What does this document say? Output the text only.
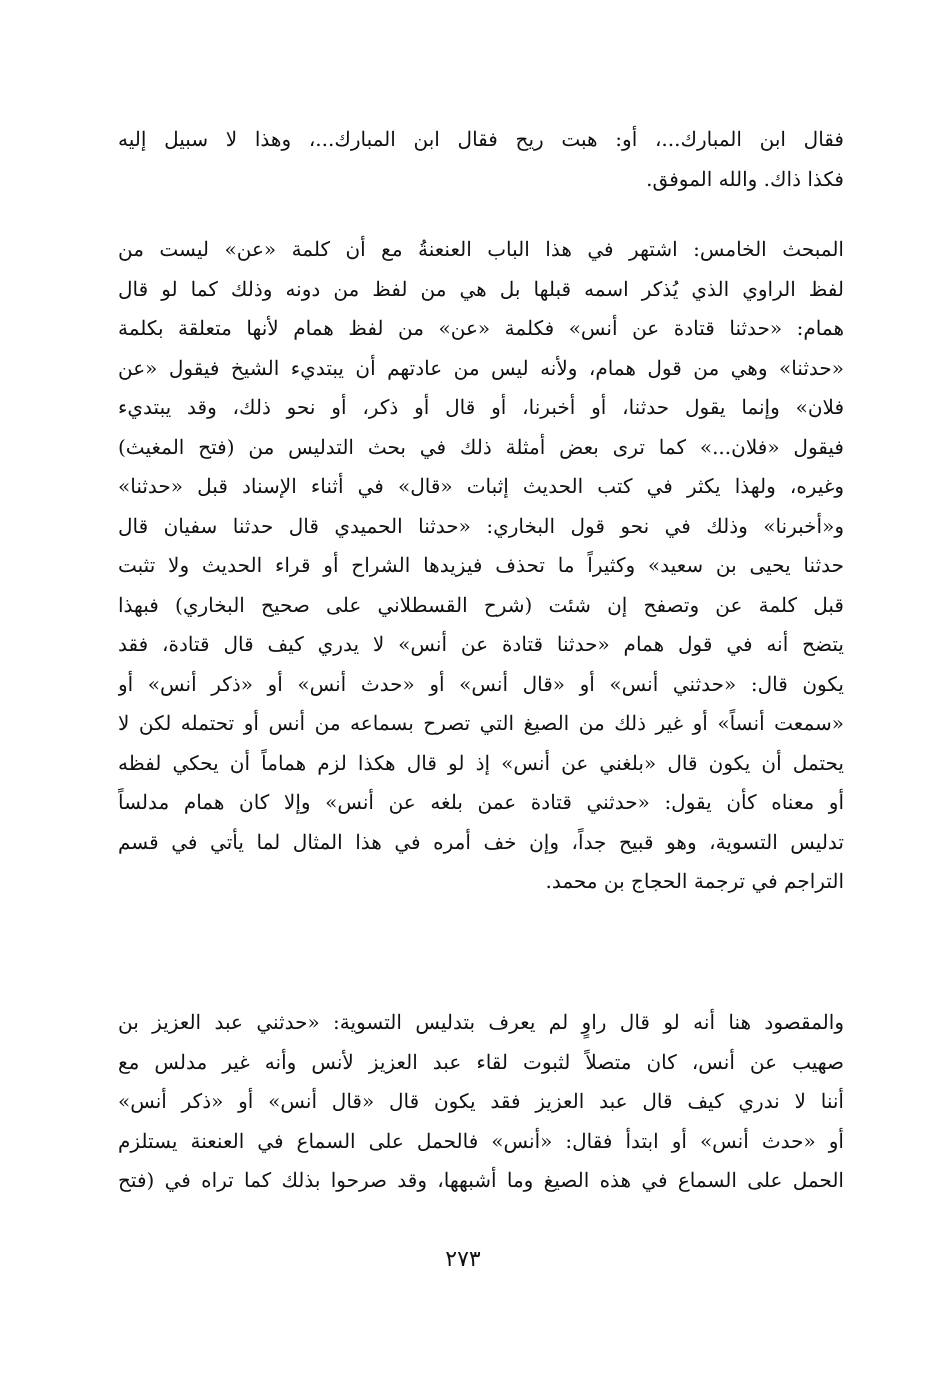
فقال ابن المبارك...، أو: هبت ريح فقال ابن المبارك...، وهذا لا سبيل إليه
فكذا ذاك. والله الموفق.
المبحث الخامس: اشتهر في هذا الباب العنعنةُ مع أن كلمة «عن» ليست من
لفظ الراوي الذي يُذكر اسمه قبلها بل هي من لفظ من دونه وذلك كما لو قال
همام: «حدثنا قتادة عن أنس» فكلمة «عن» من لفظ همام لأنها متعلقة بكلمة
«حدثنا» وهي من قول همام، ولأنه ليس من عادتهم أن يبتديء الشيخ فيقول «عن
فلان» وإنما يقول حدثنا، أو أخبرنا، أو قال أو ذكر، أو نحو ذلك، وقد يبتديء
فيقول «فلان...» كما ترى بعض أمثلة ذلك في بحث التدليس من (فتح المغيث)
وغيره، ولهذا يكثر في كتب الحديث إثبات «قال» في أثناء الإسناد قبل «حدثنا»
و«أخبرنا» وذلك في نحو قول البخاري: «حدثنا الحميدي قال حدثنا سفيان قال
حدثنا يحيى بن سعيد» وكثيراً ما تحذف فيزيدها الشراح أو قراء الحديث ولا تثبت
قبل كلمة عن وتصفح إن شئت (شرح القسطلاني على صحيح البخاري) فبهذا
يتضح أنه في قول همام «حدثنا قتادة عن أنس» لا يدري كيف قال قتادة، فقد
يكون قال: «حدثني أنس» أو «قال أنس» أو «حدث أنس» أو «ذكر أنس» أو
«سمعت أنساً» أو غير ذلك من الصيغ التي تصرح بسماعه من أنس أو تحتمله لكن لا
يحتمل أن يكون قال «بلغني عن أنس» إذ لو قال هكذا لزم هماماً أن يحكي لفظه
أو معناه كأن يقول: «حدثني قتادة عمن بلغه عن أنس» وإلا كان همام مدلساً
تدليس التسوية، وهو قبيح جداً، وإن خف أمره في هذا المثال لما يأتي في قسم
التراجم في ترجمة الحجاج بن محمد.
والمقصود هنا أنه لو قال راوٍ لم يعرف بتدليس التسوية: «حدثني عبد العزيز بن
صهيب عن أنس، كان متصلاً لثبوت لقاء عبد العزيز لأنس وأنه غير مدلس مع
أننا لا ندري كيف قال عبد العزيز فقد يكون قال «قال أنس» أو «ذكر أنس»
أو «حدث أنس» أو ابتدأ فقال: «أنس» فالحمل على السماع في العنعنة يستلزم
الحمل على السماع في هذه الصيغ وما أشبهها، وقد صرحوا بذلك كما تراه في (فتح
٢٧٣
